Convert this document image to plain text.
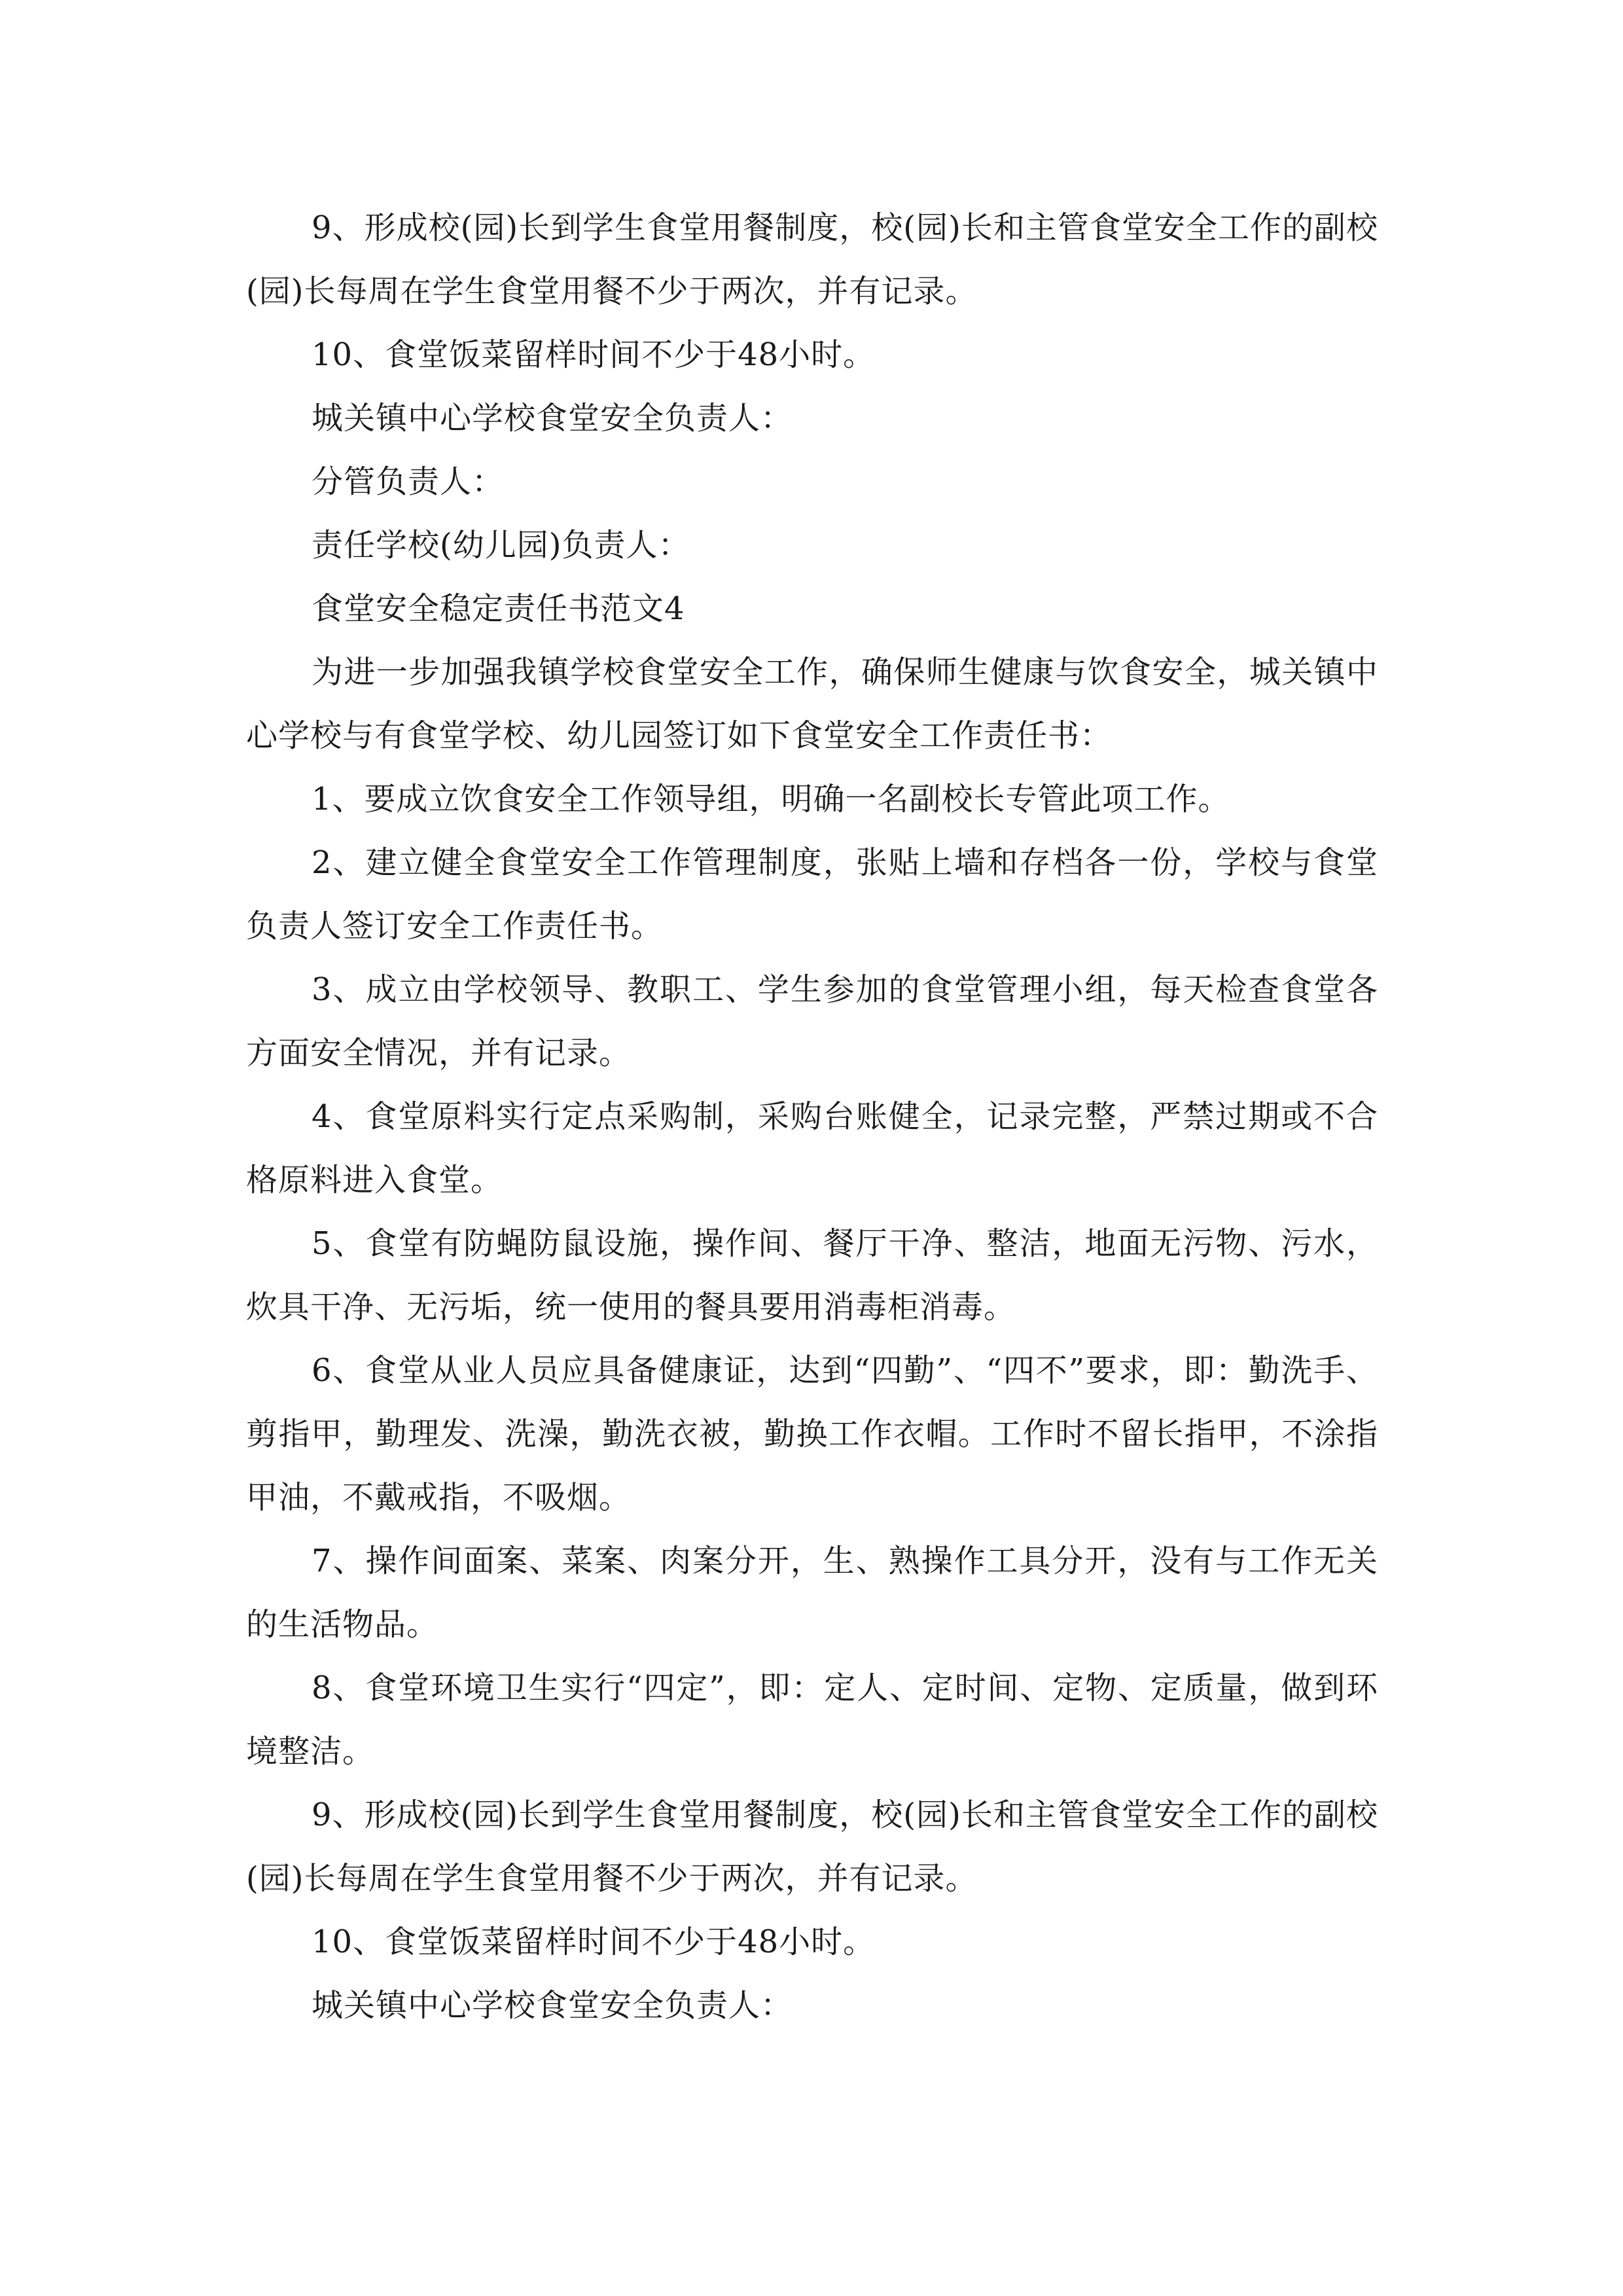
9、形成校(园)长到学生食堂用餐制度，校(园)长和主管食堂安全工作的副校(园)长每周在学生食堂用餐不少于两次，并有记录。

10、食堂饭菜留样时间不少于48小时。

城关镇中心学校食堂安全负责人：

分管负责人：

责任学校(幼儿园)负责人：

食堂安全稳定责任书范文4

为进一步加强我镇学校食堂安全工作，确保师生健康与饮食安全，城关镇中心学校与有食堂学校、幼儿园签订如下食堂安全工作责任书：

1、要成立饮食安全工作领导组，明确一名副校长专管此项工作。

2、建立健全食堂安全工作管理制度，张贴上墙和存档各一份，学校与食堂负责人签订安全工作责任书。

3、成立由学校领导、教职工、学生参加的食堂管理小组，每天检查食堂各方面安全情况，并有记录。

4、食堂原料实行定点采购制，采购台账健全，记录完整，严禁过期或不合格原料进入食堂。

5、食堂有防蝇防鼠设施，操作间、餐厅干净、整洁，地面无污物、污水，炊具干净、无污垢，统一使用的餐具要用消毒柜消毒。

6、食堂从业人员应具备健康证，达到“四勤”、“四不”要求，即：勤洗手、剪指甲，勤理发、洗澡，勤洗衣被，勤换工作衣帽。工作时不留长指甲，不涂指甲油，不戴戒指，不吸烟。

7、操作间面案、菜案、肉案分开，生、熟操作工具分开，没有与工作无关的生活物品。

8、食堂环境卫生实行“四定”，即：定人、定时间、定物、定质量，做到环境整洁。

9、形成校(园)长到学生食堂用餐制度，校(园)长和主管食堂安全工作的副校(园)长每周在学生食堂用餐不少于两次，并有记录。

10、食堂饭菜留样时间不少于48小时。

城关镇中心学校食堂安全负责人：
